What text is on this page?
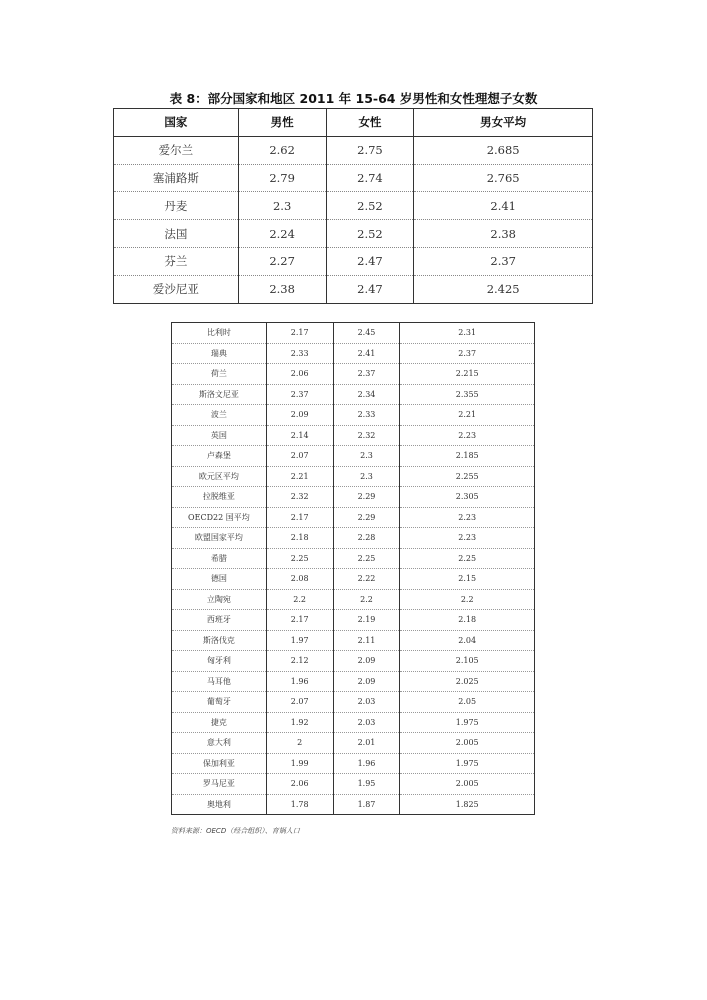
表 8：部分国家和地区 2011 年 15-64 岁男性和女性理想子女数
国家	男性	女性	男女平均
爱尔兰	2.62	2.75	2.685
塞浦路斯	2.79	2.74	2.765
丹麦	2.3	2.52	2.41
法国	2.24	2.52	2.38
芬兰	2.27	2.47	2.37
爱沙尼亚	2.38	2.47	2.425
比利时	2.17	2.45	2.31
瑞典	2.33	2.41	2.37
荷兰	2.06	2.37	2.215
斯洛文尼亚	2.37	2.34	2.355
波兰	2.09	2.33	2.21
英国	2.14	2.32	2.23
卢森堡	2.07	2.3	2.185
欧元区平均	2.21	2.3	2.255
拉脱维亚	2.32	2.29	2.305
OECD22 国平均	2.17	2.29	2.23
欧盟国家平均	2.18	2.28	2.23
希腊	2.25	2.25	2.25
德国	2.08	2.22	2.15
立陶宛	2.2	2.2	2.2
西班牙	2.17	2.19	2.18
斯洛伐克	1.97	2.11	2.04
匈牙利	2.12	2.09	2.105
马耳他	1.96	2.09	2.025
葡萄牙	2.07	2.03	2.05
捷克	1.92	2.03	1.975
意大利	2	2.01	2.005
保加利亚	1.99	1.96	1.975
罗马尼亚	2.06	1.95	2.005
奥地利	1.78	1.87	1.825
资料来源：OECD（经合组织）、育娲人口
